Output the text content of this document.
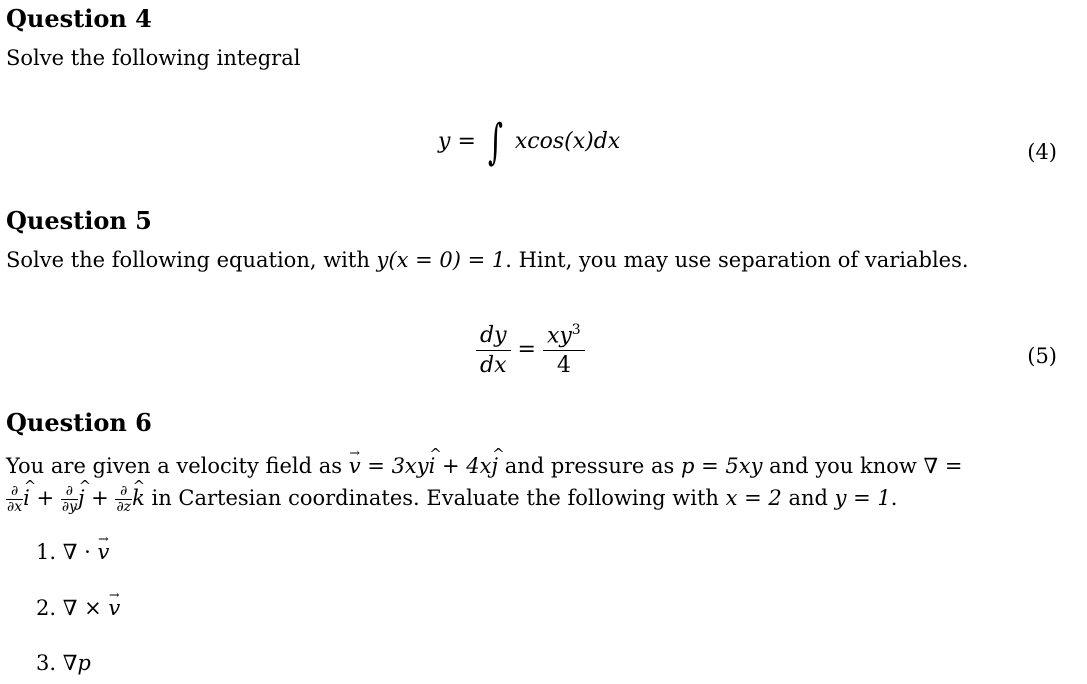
Question 4
Solve the following integral
y = ∫ xcos(x)dx	(4)
Question 5
Solve the following equation, with y(x = 0) = 1. Hint, you may use separation of variables.
$\frac{dy}{dx} = \frac{xy^3}{4}$	(5)
Question 6
You are given a velocity field as → v = 3xy^ i + 4x^ j and pressure as p = 5xy and you know ∇ =
$\frac{\partial}{\partial x}$ ^ $i + \frac{\partial}{\partial y}$ ^ $j + \frac{\partial}{\partial z}$ ^ k in Cartesian coordinates. Evaluate the following with x = 2 and y = 1.
1. ∇ · → v
2. ∇ × → v
3. ∇p
